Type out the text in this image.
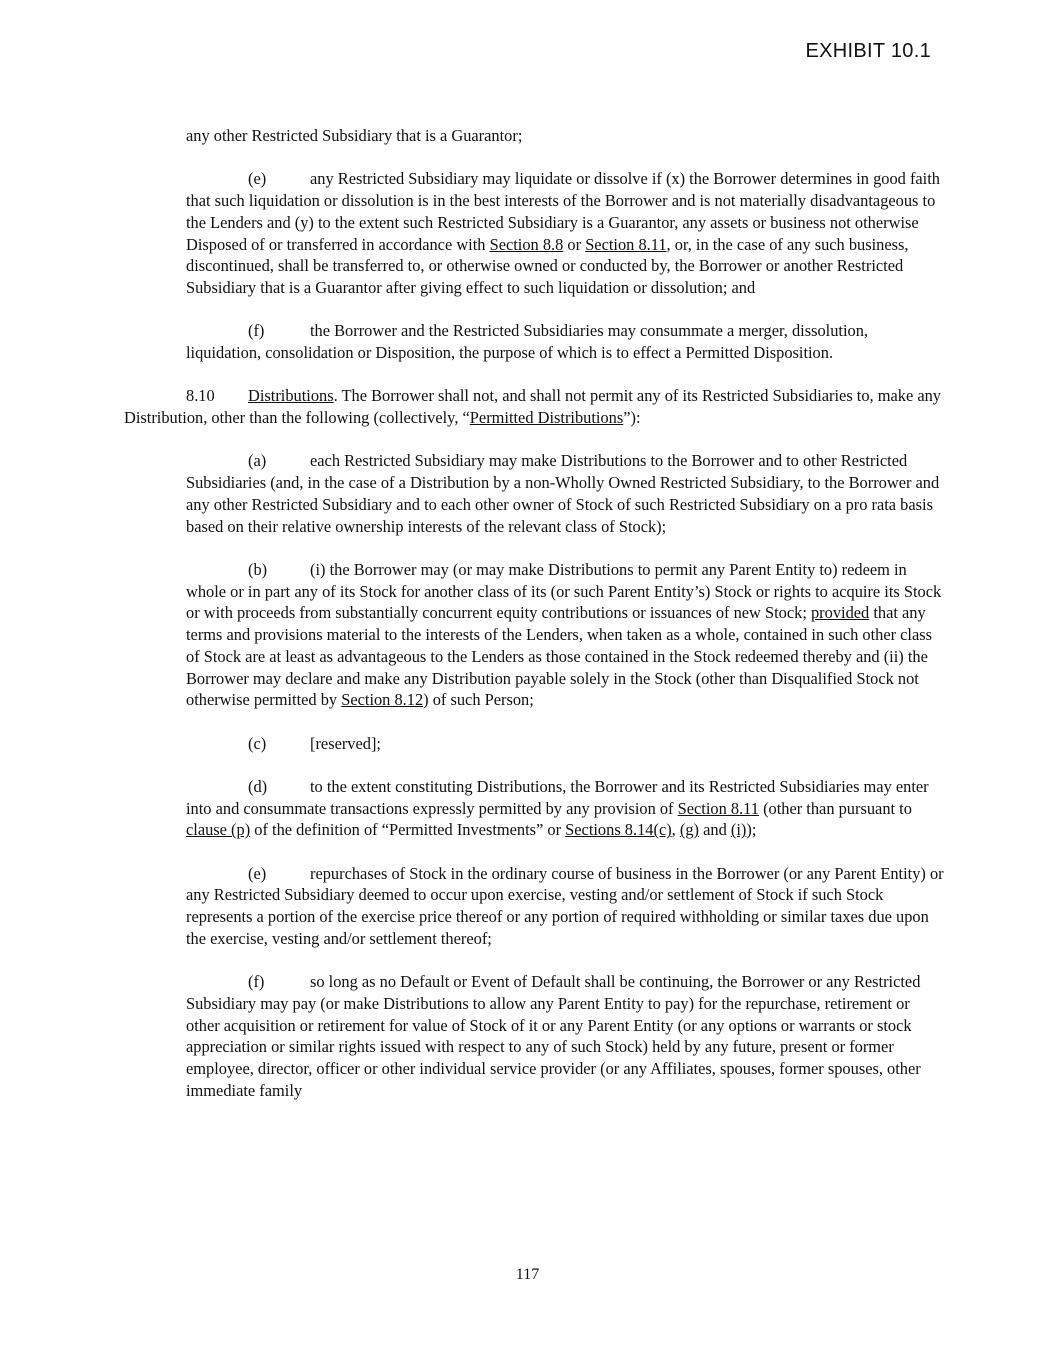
EXHIBIT 10.1

any other Restricted Subsidiary that is a Guarantor;

(e)	any Restricted Subsidiary may liquidate or dissolve if (x) the Borrower determines in good faith that such liquidation or dissolution is in the best interests of the Borrower and is not materially disadvantageous to the Lenders and (y) to the extent such Restricted Subsidiary is a Guarantor, any assets or business not otherwise Disposed of or transferred in accordance with Section 8.8 or Section 8.11, or, in the case of any such business, discontinued, shall be transferred to, or otherwise owned or conducted by, the Borrower or another Restricted Subsidiary that is a Guarantor after giving effect to such liquidation or dissolution; and

(f)	the Borrower and the Restricted Subsidiaries may consummate a merger, dissolution, liquidation, consolidation or Disposition, the purpose of which is to effect a Permitted Disposition.

8.10 Distributions. The Borrower shall not, and shall not permit any of its Restricted Subsidiaries to, make any Distribution, other than the following (collectively, “Permitted Distributions”):

(a)	each Restricted Subsidiary may make Distributions to the Borrower and to other Restricted Subsidiaries (and, in the case of a Distribution by a non-Wholly Owned Restricted Subsidiary, to the Borrower and any other Restricted Subsidiary and to each other owner of Stock of such Restricted Subsidiary on a pro rata basis based on their relative ownership interests of the relevant class of Stock);

(b)	(i) the Borrower may (or may make Distributions to permit any Parent Entity to) redeem in whole or in part any of its Stock for another class of its (or such Parent Entity’s) Stock or rights to acquire its Stock or with proceeds from substantially concurrent equity contributions or issuances of new Stock; provided that any terms and provisions material to the interests of the Lenders, when taken as a whole, contained in such other class of Stock are at least as advantageous to the Lenders as those contained in the Stock redeemed thereby and (ii) the Borrower may declare and make any Distribution payable solely in the Stock (other than Disqualified Stock not otherwise permitted by Section 8.12) of such Person;

(c)	[reserved];

(d)	to the extent constituting Distributions, the Borrower and its Restricted Subsidiaries may enter into and consummate transactions expressly permitted by any provision of Section 8.11 (other than pursuant to clause (p) of the definition of “Permitted Investments” or Sections 8.14(c), (g) and (i));

(e)	repurchases of Stock in the ordinary course of business in the Borrower (or any Parent Entity) or any Restricted Subsidiary deemed to occur upon exercise, vesting and/or settlement of Stock if such Stock represents a portion of the exercise price thereof or any portion of required withholding or similar taxes due upon the exercise, vesting and/or settlement thereof;

(f)	so long as no Default or Event of Default shall be continuing, the Borrower or any Restricted Subsidiary may pay (or make Distributions to allow any Parent Entity to pay) for the repurchase, retirement or other acquisition or retirement for value of Stock of it or any Parent Entity (or any options or warrants or stock appreciation or similar rights issued with respect to any of such Stock) held by any future, present or former employee, director, officer or other individual service provider (or any Affiliates, spouses, former spouses, other immediate family

117
